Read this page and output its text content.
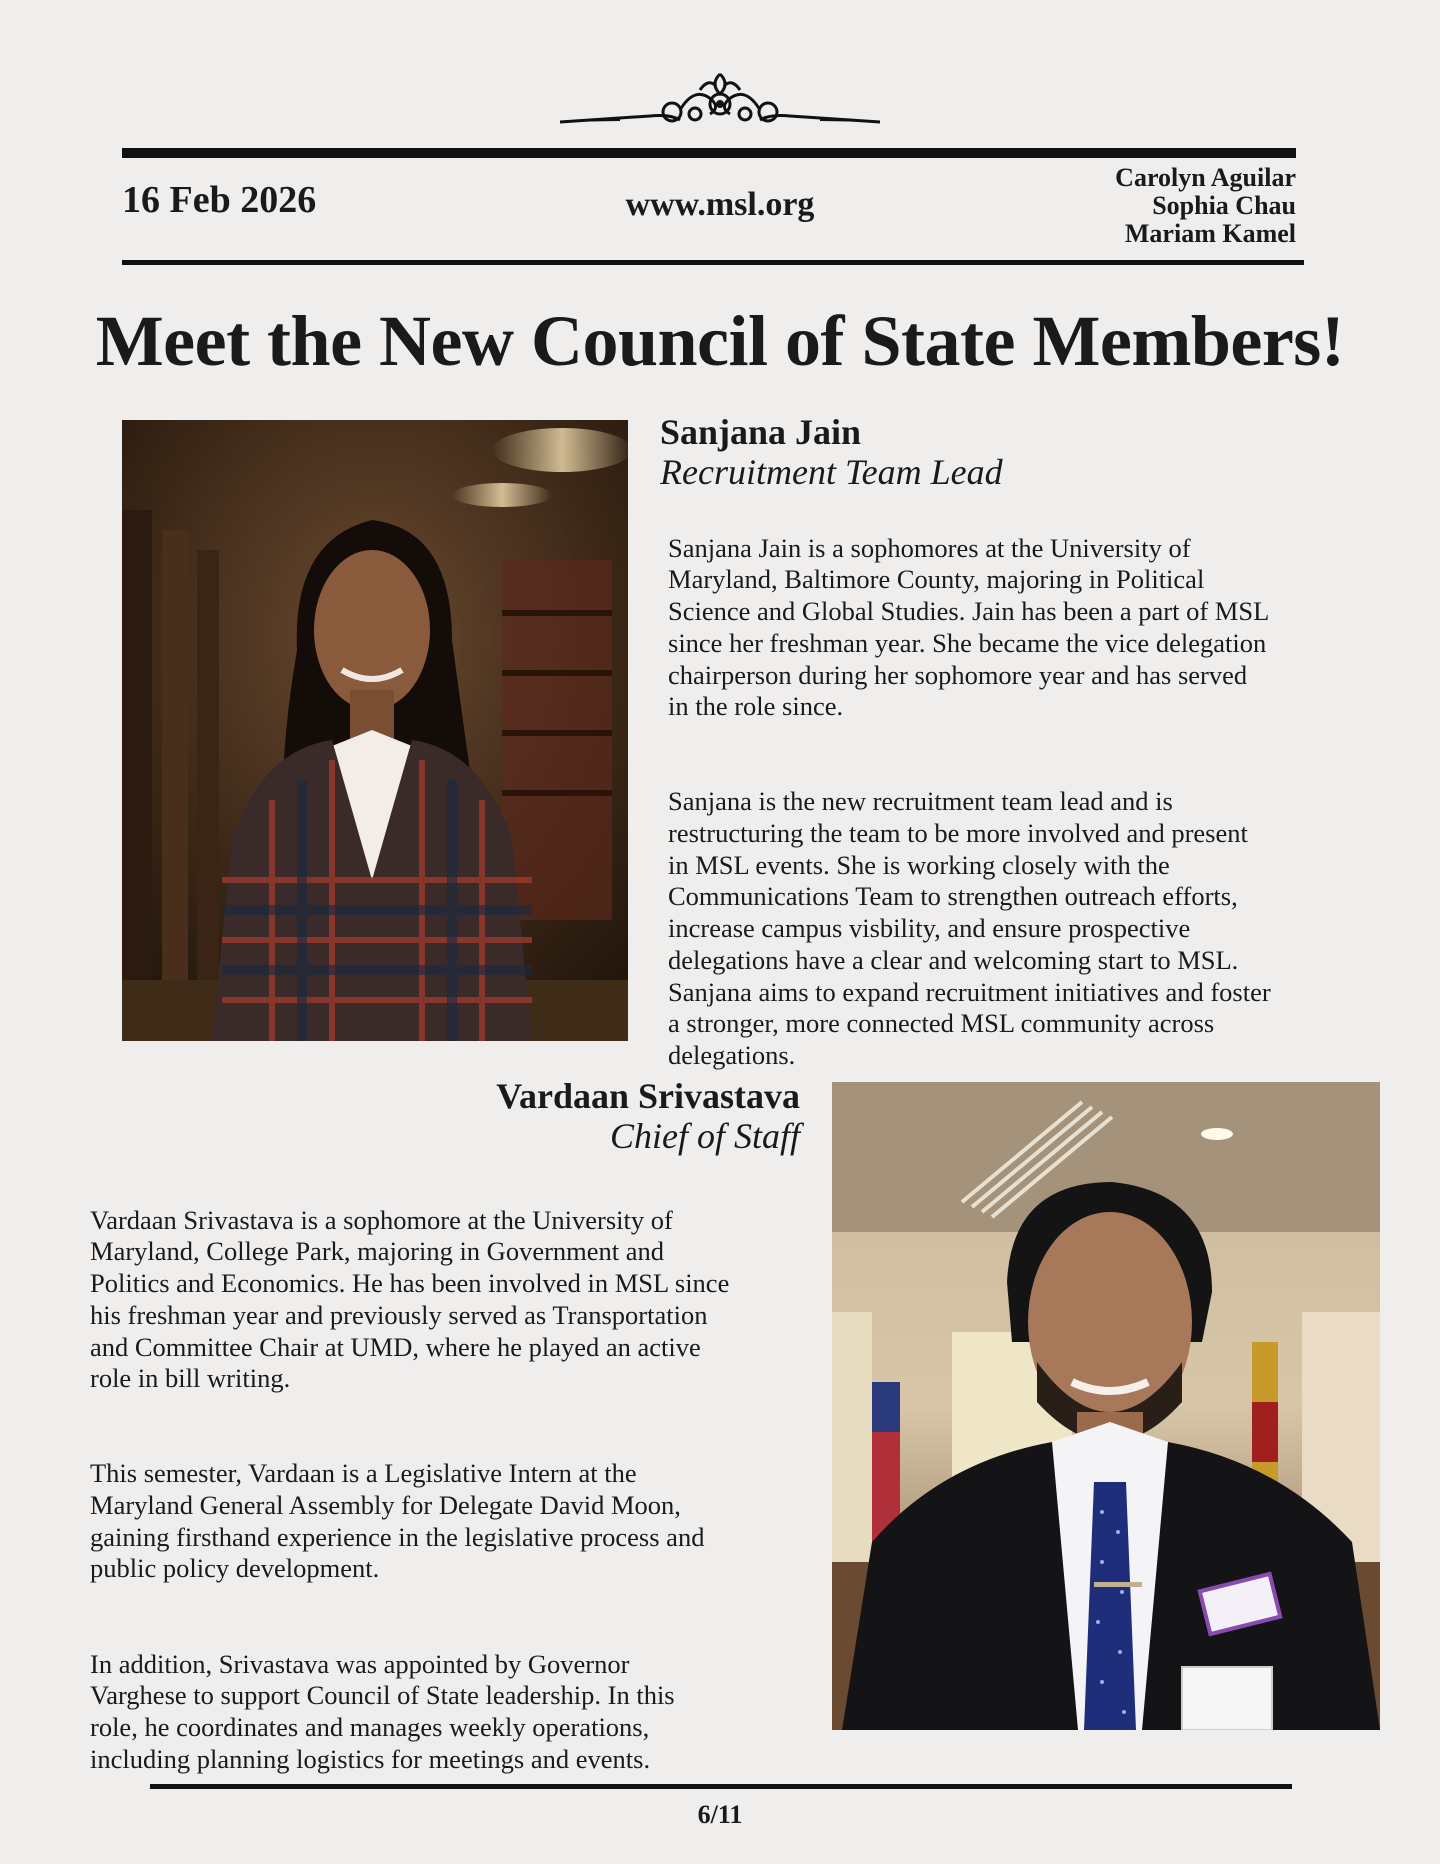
16 Feb 2026	www.msl.org
Carolyn Aguilar
Sophia Chau
Mariam Kamel
Meet the New Council of State Members!
Sanjana Jain
Recruitment Team Lead

Sanjana Jain is a sophomores at the University of
Maryland, Baltimore County, majoring in Political
Science and Global Studies. Jain has been a part of MSL
since her freshman year. She became the vice delegation
chairperson during her sophomore year and has served
in the role since.

Sanjana is the new recruitment team lead and is
restructuring the team to be more involved and present
in MSL events. She is working closely with the
Communications Team to strengthen outreach efforts,
increase campus visbility, and ensure prospective
delegations have a clear and welcoming start to MSL.
Sanjana aims to expand recruitment initiatives and foster
a stronger, more connected MSL community across
delegations.

Vardaan Srivastava
Chief of Staff

Vardaan Srivastava is a sophomore at the University of
Maryland, College Park, majoring in Government and
Politics and Economics. He has been involved in MSL since
his freshman year and previously served as Transportation
and Committee Chair at UMD, where he played an active
role in bill writing.

This semester, Vardaan is a Legislative Intern at the
Maryland General Assembly for Delegate David Moon,
gaining firsthand experience in the legislative process and
public policy development.

In addition, Srivastava was appointed by Governor
Varghese to support Council of State leadership. In this
role, he coordinates and manages weekly operations,
including planning logistics for meetings and events.

6/11
